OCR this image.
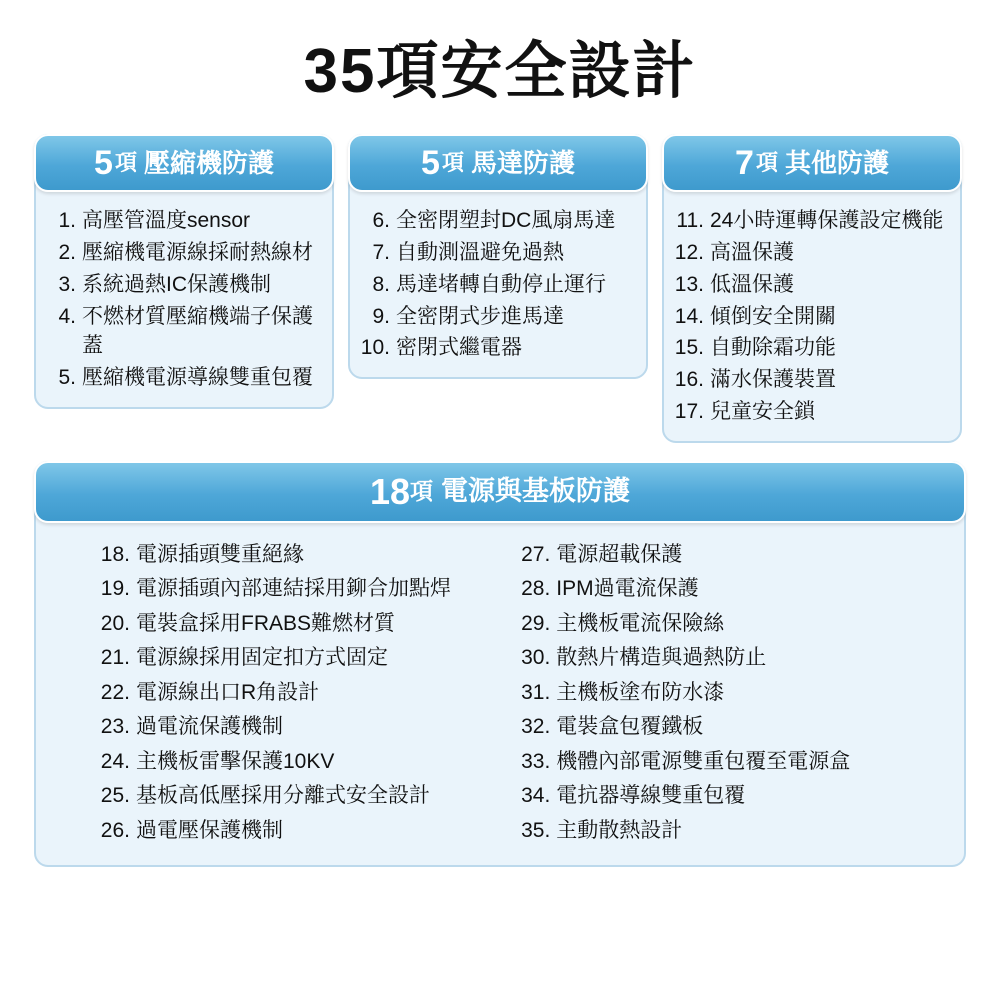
35項安全設計
5 項 壓縮機防護
1. 高壓管溫度sensor
2. 壓縮機電源線採耐熱線材
3. 系統過熱IC保護機制
4. 不燃材質壓縮機端子保護蓋
5. 壓縮機電源導線雙重包覆
5 項 馬達防護
6. 全密閉塑封DC風扇馬達
7. 自動測溫避免過熱
8. 馬達堵轉自動停止運行
9. 全密閉式步進馬達
10. 密閉式繼電器
7 項 其他防護
11. 24小時運轉保護設定機能
12. 高溫保護
13. 低溫保護
14. 傾倒安全開關
15. 自動除霜功能
16. 滿水保護裝置
17. 兒童安全鎖
18 項 電源與基板防護
18. 電源插頭雙重絕緣
19. 電源插頭內部連結採用鉚合加點焊
20. 電裝盒採用FRABS難燃材質
21. 電源線採用固定扣方式固定
22. 電源線出口R角設計
23. 過電流保護機制
24. 主機板雷擊保護10KV
25. 基板高低壓採用分離式安全設計
26. 過電壓保護機制
27. 電源超載保護
28. IPM過電流保護
29. 主機板電流保險絲
30. 散熱片構造與過熱防止
31. 主機板塗布防水漆
32. 電裝盒包覆鐵板
33. 機體內部電源雙重包覆至電源盒
34. 電抗器導線雙重包覆
35. 主動散熱設計
